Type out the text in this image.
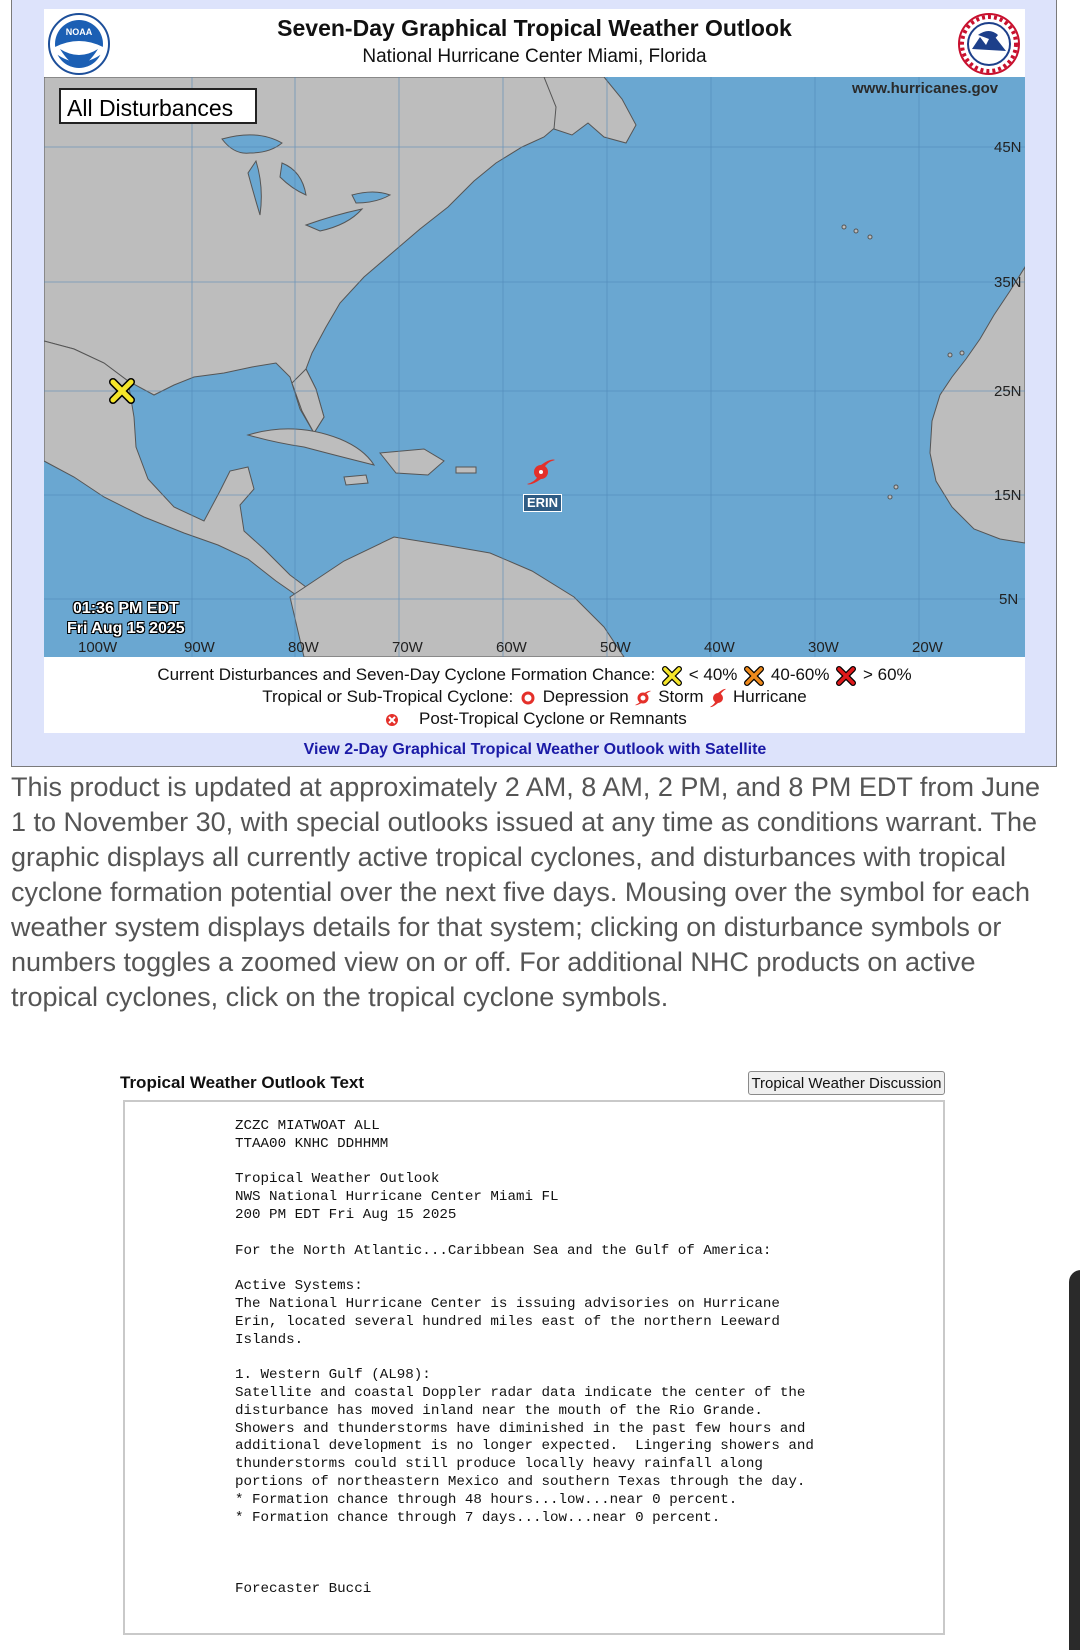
NOAA	Seven-Day Graphical Tropical Weather Outlook
National Hurricane Center Miami, Florida
All Disturbances
www.hurricanes.gov
45N
35N
25N
15N
5N
100W	90W	80W	70W	60W	50W	40W	30W	20W
01:36 PM EDT
Fri Aug 15 2025
ERIN
Current Disturbances and Seven-Day Cyclone Formation Chance: < 40% 40-60% > 60%
Tropical or Sub-Tropical Cyclone: Depression Storm Hurricane
Post-Tropical Cyclone or Remnants
View 2-Day Graphical Tropical Weather Outlook with Satellite
This product is updated at approximately 2 AM, 8 AM, 2 PM, and 8 PM EDT from June 1 to November 30, with special outlooks issued at any time as conditions warrant. The graphic displays all currently active tropical cyclones, and disturbances with tropical cyclone formation potential over the next five days. Mousing over the symbol for each weather system displays details for that system; clicking on disturbance symbols or numbers toggles a zoomed view on or off. For additional NHC products on active tropical cyclones, click on the tropical cyclone symbols.
Tropical Weather Outlook Text	Tropical Weather Discussion
ZCZC MIATWOAT ALL
TTAA00 KNHC DDHHMM

Tropical Weather Outlook
NWS National Hurricane Center Miami FL
200 PM EDT Fri Aug 15 2025

For the North Atlantic...Caribbean Sea and the Gulf of America:

Active Systems:
The National Hurricane Center is issuing advisories on Hurricane
Erin, located several hundred miles east of the northern Leeward
Islands.

1. Western Gulf (AL98):
Satellite and coastal Doppler radar data indicate the center of the
disturbance has moved inland near the mouth of the Rio Grande.
Showers and thunderstorms have diminished in the past few hours and
additional development is no longer expected.  Lingering showers and
thunderstorms could still produce locally heavy rainfall along
portions of northeastern Mexico and southern Texas through the day.
* Formation chance through 48 hours...low...near 0 percent.
* Formation chance through 7 days...low...near 0 percent.

Forecaster Bucci
